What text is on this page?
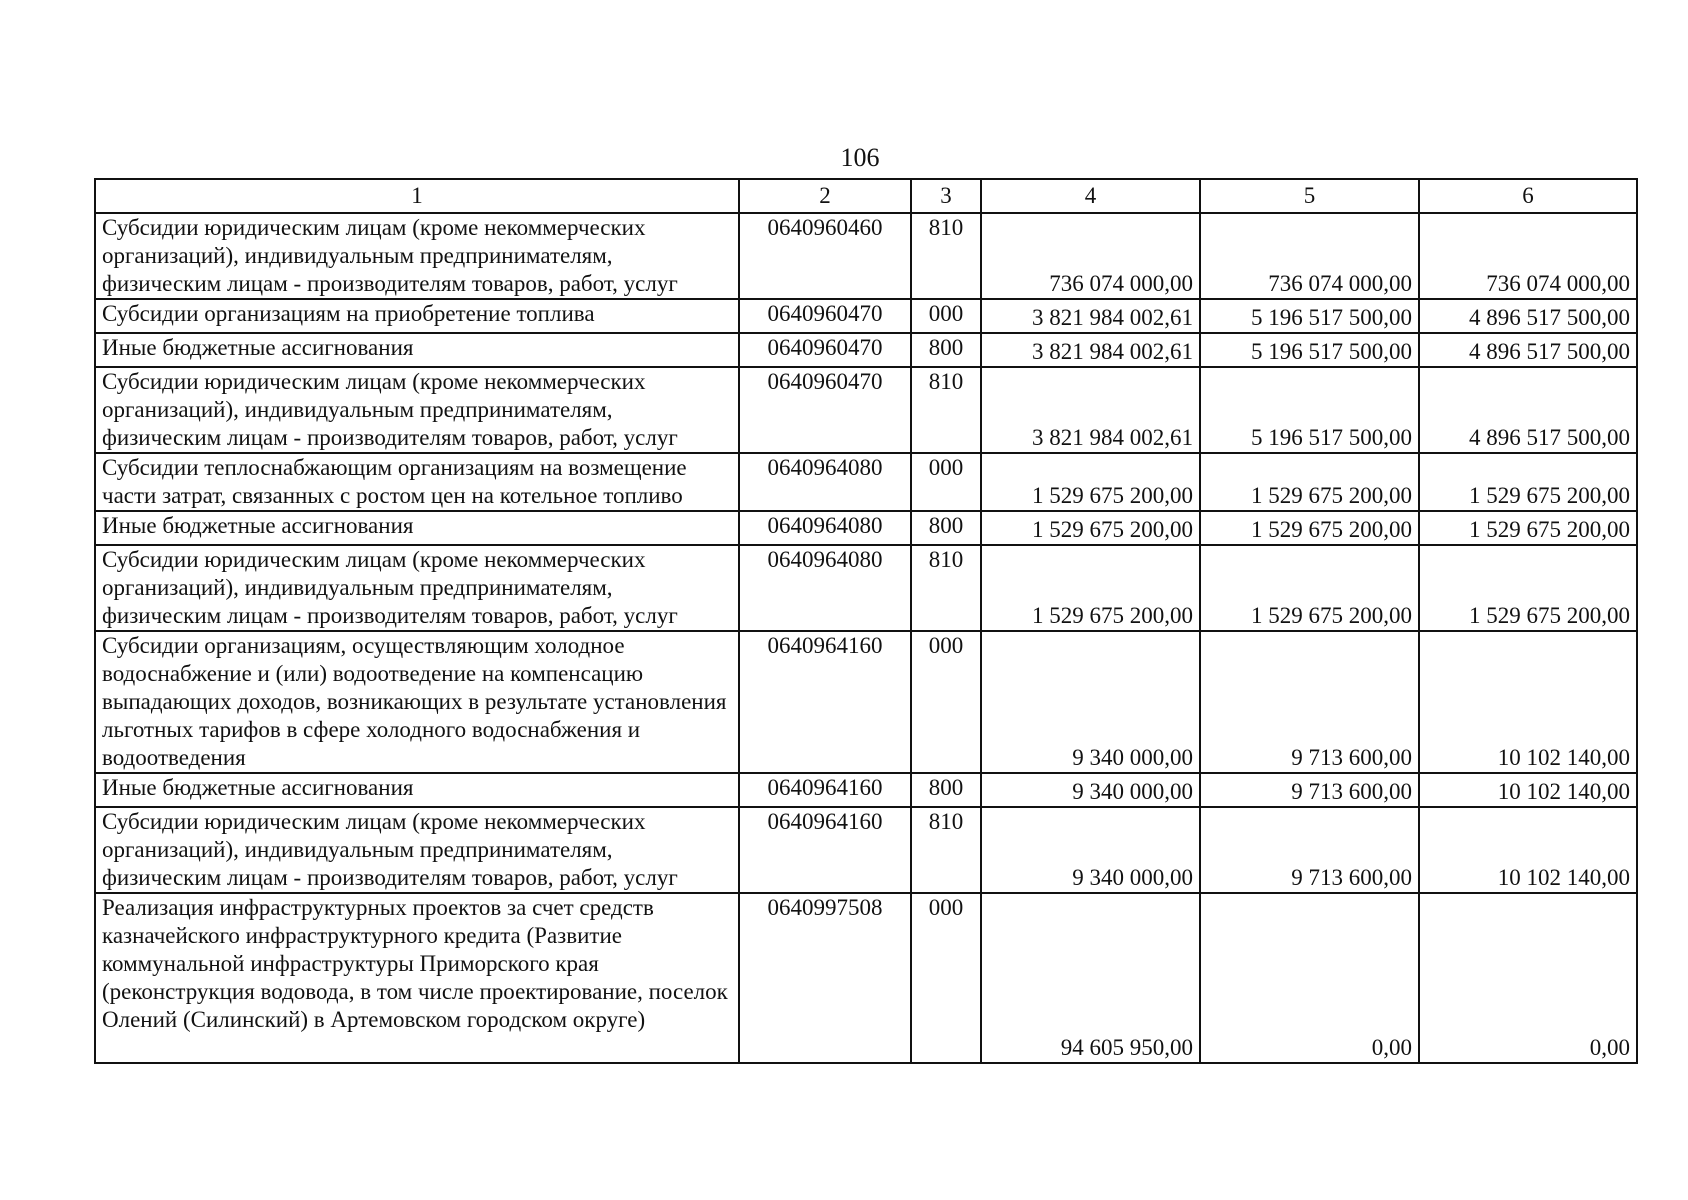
106
1	2	3	4	5	6
Субсидии юридическим лицам (кроме некоммерческих организаций), индивидуальным предпринимателям, физическим лицам - производителям товаров, работ, услуг	0640960460	810	736 074 000,00	736 074 000,00	736 074 000,00
Субсидии организациям на приобретение топлива	0640960470	000	3 821 984 002,61	5 196 517 500,00	4 896 517 500,00
Иные бюджетные ассигнования	0640960470	800	3 821 984 002,61	5 196 517 500,00	4 896 517 500,00
Субсидии юридическим лицам (кроме некоммерческих организаций), индивидуальным предпринимателям, физическим лицам - производителям товаров, работ, услуг	0640960470	810	3 821 984 002,61	5 196 517 500,00	4 896 517 500,00
Субсидии теплоснабжающим организациям на возмещение части затрат, связанных с ростом цен на котельное топливо	0640964080	000	1 529 675 200,00	1 529 675 200,00	1 529 675 200,00
Иные бюджетные ассигнования	0640964080	800	1 529 675 200,00	1 529 675 200,00	1 529 675 200,00
Субсидии юридическим лицам (кроме некоммерческих организаций), индивидуальным предпринимателям, физическим лицам - производителям товаров, работ, услуг	0640964080	810	1 529 675 200,00	1 529 675 200,00	1 529 675 200,00
Субсидии организациям, осуществляющим холодное водоснабжение и (или) водоотведение на компенсацию выпадающих доходов, возникающих в результате установления льготных тарифов в сфере холодного водоснабжения и водоотведения	0640964160	000	9 340 000,00	9 713 600,00	10 102 140,00
Иные бюджетные ассигнования	0640964160	800	9 340 000,00	9 713 600,00	10 102 140,00
Субсидии юридическим лицам (кроме некоммерческих организаций), индивидуальным предпринимателям, физическим лицам - производителям товаров, работ, услуг	0640964160	810	9 340 000,00	9 713 600,00	10 102 140,00
Реализация инфраструктурных проектов за счет средств казначейского инфраструктурного кредита (Развитие коммунальной инфраструктуры Приморского края (реконструкция водовода, в том числе проектирование, поселок Олений (Силинский) в Артемовском городском округе)	0640997508	000	94 605 950,00	0,00	0,00
